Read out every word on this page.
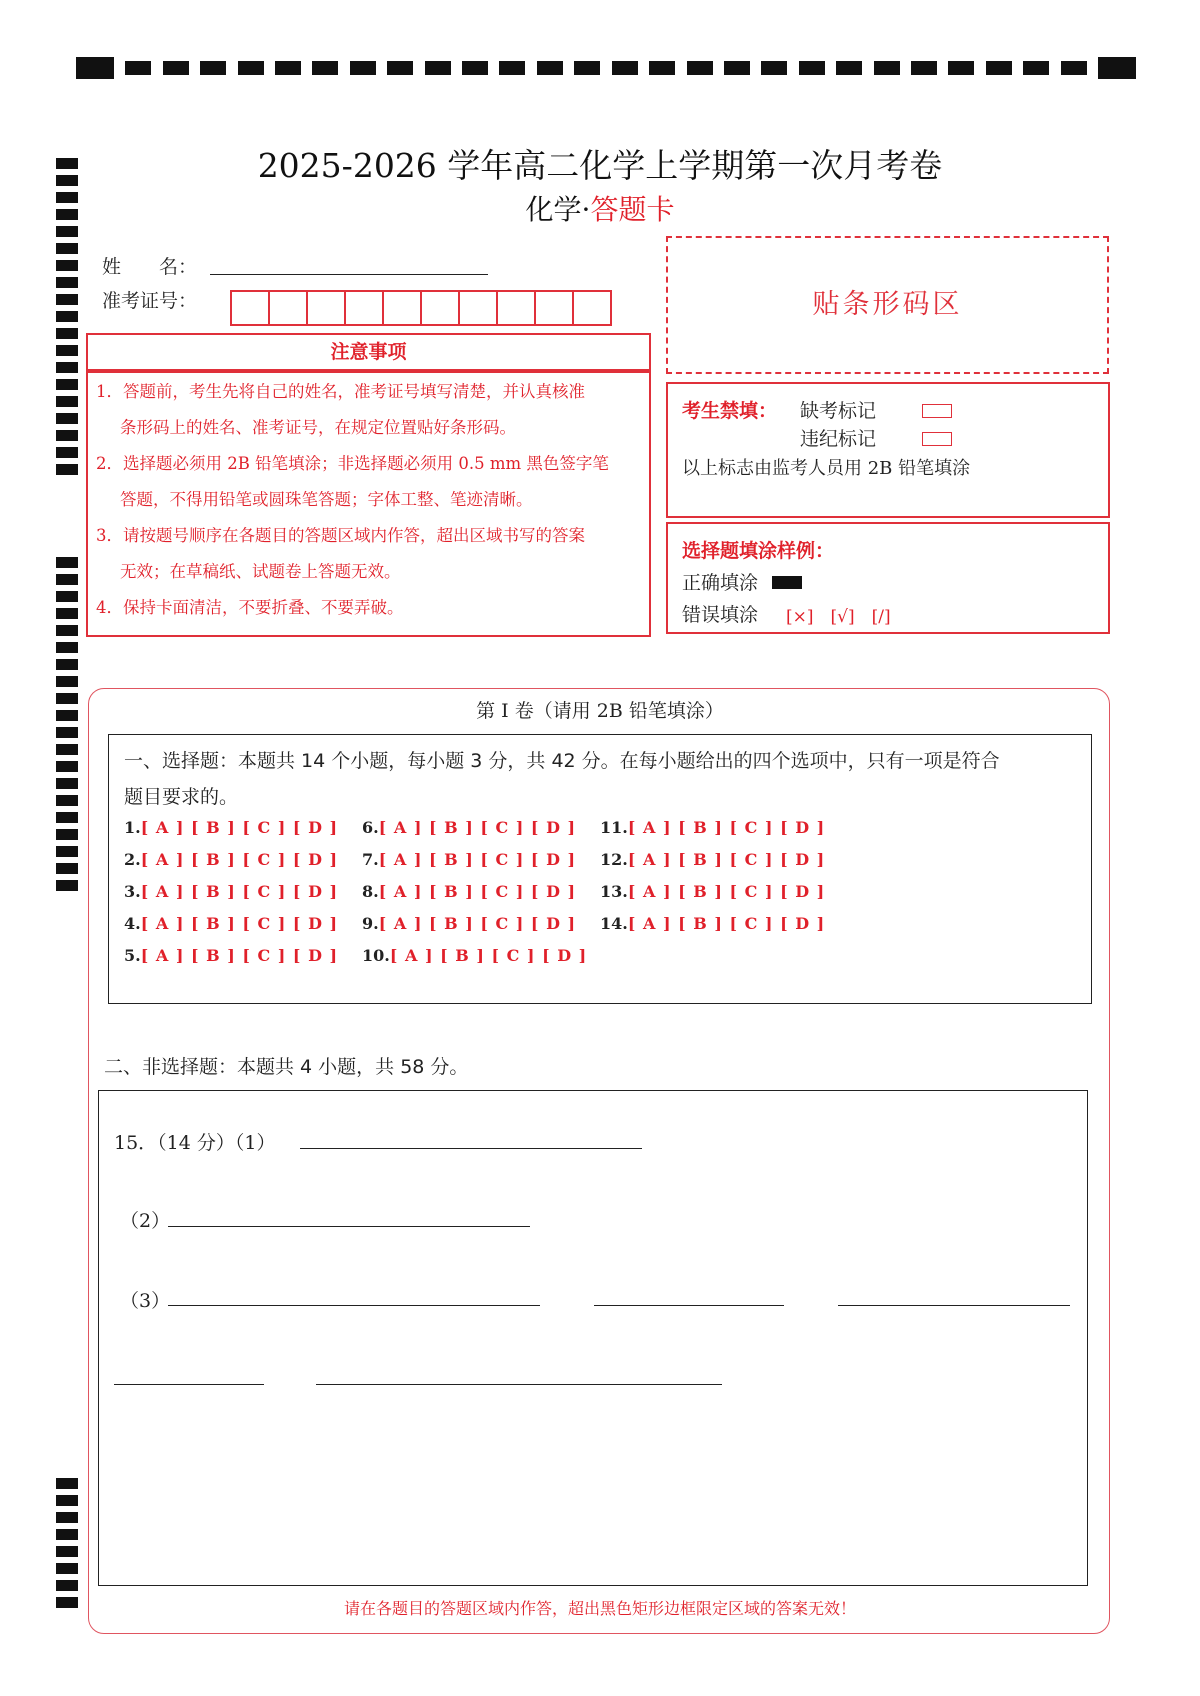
2025-2026 学年高二化学上学期第一次月考卷
化学·答题卡
姓　　名：
准考证号：	贴条形码区
注意事项
1．答题前，考生先将自己的姓名，准考证号填写清楚，并认真核准
条形码上的姓名、准考证号，在规定位置贴好条形码。
2．选择题必须用 2B 铅笔填涂；非选择题必须用 0.5 mm 黑色签字笔
答题，不得用铅笔或圆珠笔答题；字体工整、笔迹清晰。
3．请按题号顺序在各题目的答题区域内作答，超出区域书写的答案
无效；在草稿纸、试题卷上答题无效。
4．保持卡面清洁，不要折叠、不要弄破。
考生禁填： 缺考标记
违纪标记
以上标志由监考人员用 2B 铅笔填涂
选择题填涂样例：
正确填涂
错误填涂 [×]　[√]　[/]
第 I 卷（请用 2B 铅笔填涂）
一、选择题：本题共 14 个小题，每小题 3 分，共 42 分。在每小题给出的四个选项中，只有一项是符合
题目要求的。
1.[ A ] [ B ] [ C ] [ D ]
2.[ A ] [ B ] [ C ] [ D ]
3.[ A ] [ B ] [ C ] [ D ]
4.[ A ] [ B ] [ C ] [ D ]
5.[ A ] [ B ] [ C ] [ D ]
6.[ A ] [ B ] [ C ] [ D ]
7.[ A ] [ B ] [ C ] [ D ]
8.[ A ] [ B ] [ C ] [ D ]
9.[ A ] [ B ] [ C ] [ D ]
10.[ A ] [ B ] [ C ] [ D ]
11.[ A ] [ B ] [ C ] [ D ]
12.[ A ] [ B ] [ C ] [ D ]
13.[ A ] [ B ] [ C ] [ D ]
14.[ A ] [ B ] [ C ] [ D ]
二、非选择题：本题共 4 小题，共 58 分。
15．（14 分）（1）
（2）
（3）
请在各题目的答题区域内作答，超出黑色矩形边框限定区域的答案无效！
